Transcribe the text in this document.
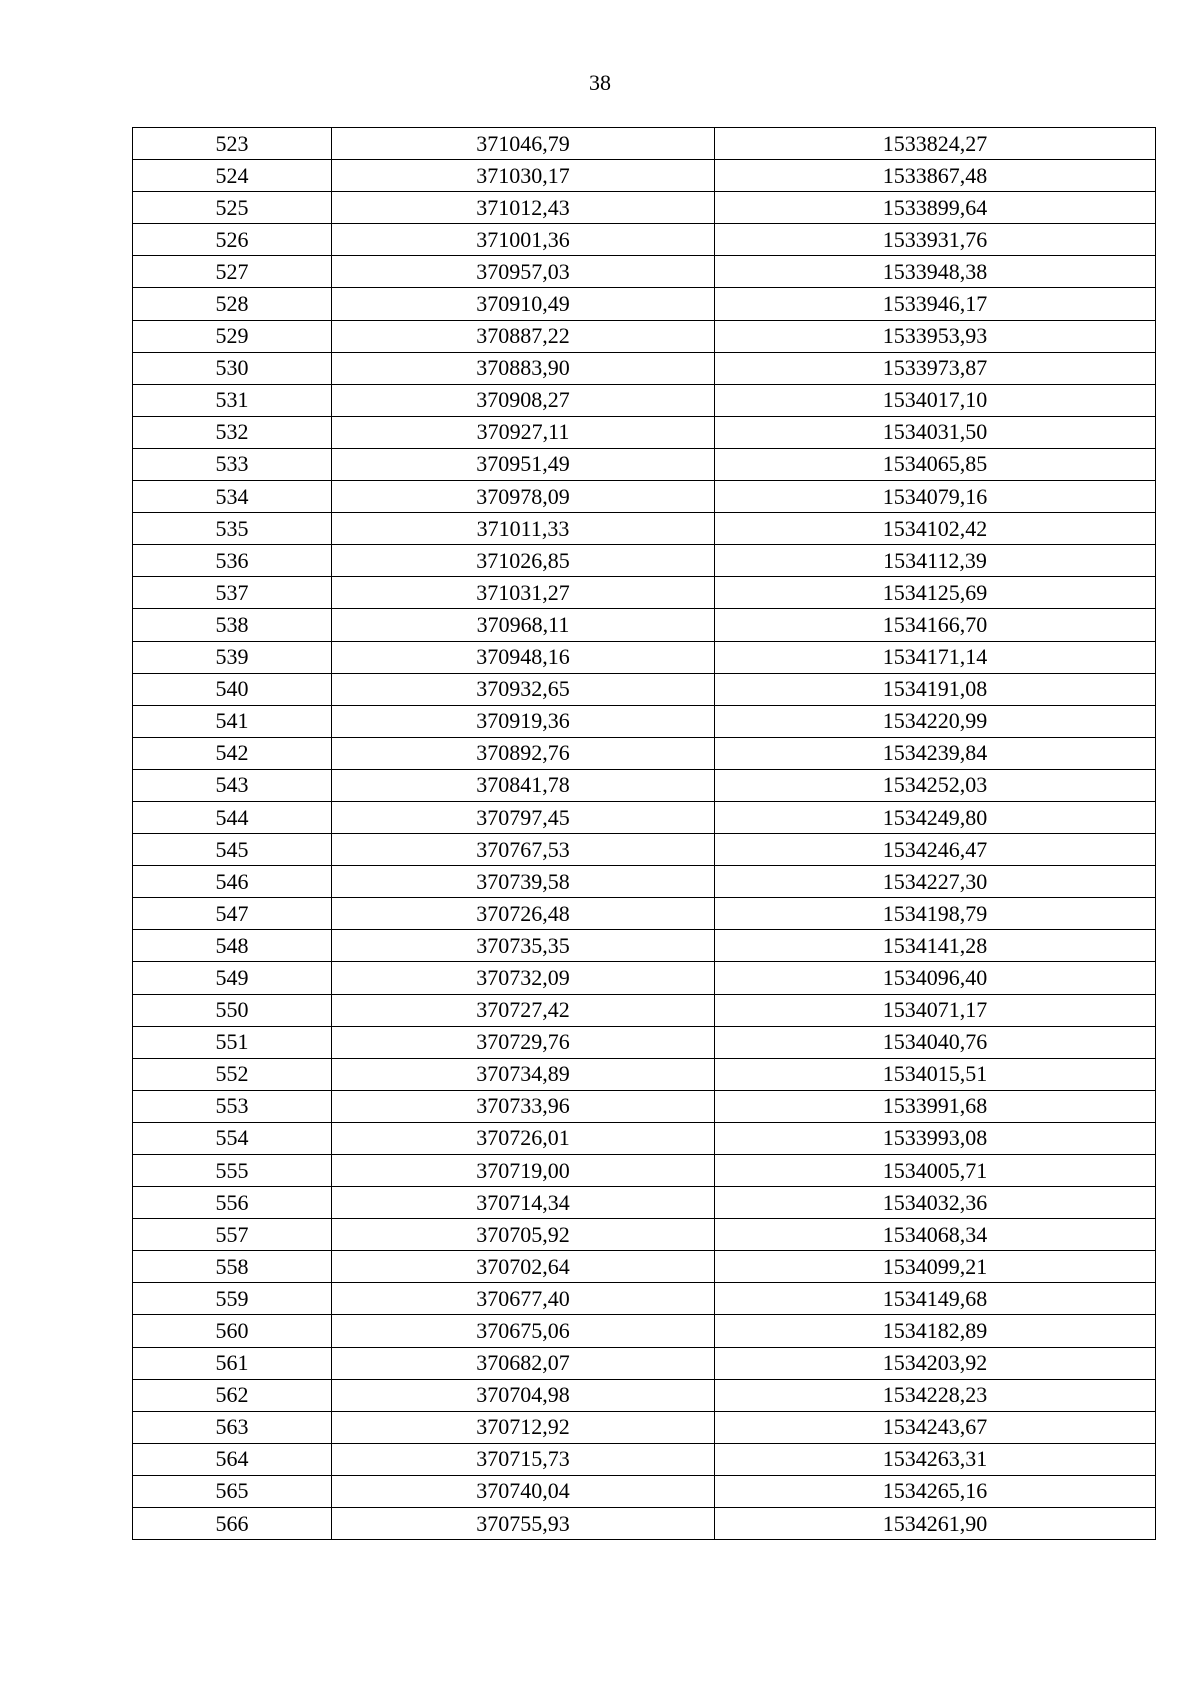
38
523	371046,79	1533824,27
524	371030,17	1533867,48
525	371012,43	1533899,64
526	371001,36	1533931,76
527	370957,03	1533948,38
528	370910,49	1533946,17
529	370887,22	1533953,93
530	370883,90	1533973,87
531	370908,27	1534017,10
532	370927,11	1534031,50
533	370951,49	1534065,85
534	370978,09	1534079,16
535	371011,33	1534102,42
536	371026,85	1534112,39
537	371031,27	1534125,69
538	370968,11	1534166,70
539	370948,16	1534171,14
540	370932,65	1534191,08
541	370919,36	1534220,99
542	370892,76	1534239,84
543	370841,78	1534252,03
544	370797,45	1534249,80
545	370767,53	1534246,47
546	370739,58	1534227,30
547	370726,48	1534198,79
548	370735,35	1534141,28
549	370732,09	1534096,40
550	370727,42	1534071,17
551	370729,76	1534040,76
552	370734,89	1534015,51
553	370733,96	1533991,68
554	370726,01	1533993,08
555	370719,00	1534005,71
556	370714,34	1534032,36
557	370705,92	1534068,34
558	370702,64	1534099,21
559	370677,40	1534149,68
560	370675,06	1534182,89
561	370682,07	1534203,92
562	370704,98	1534228,23
563	370712,92	1534243,67
564	370715,73	1534263,31
565	370740,04	1534265,16
566	370755,93	1534261,90
